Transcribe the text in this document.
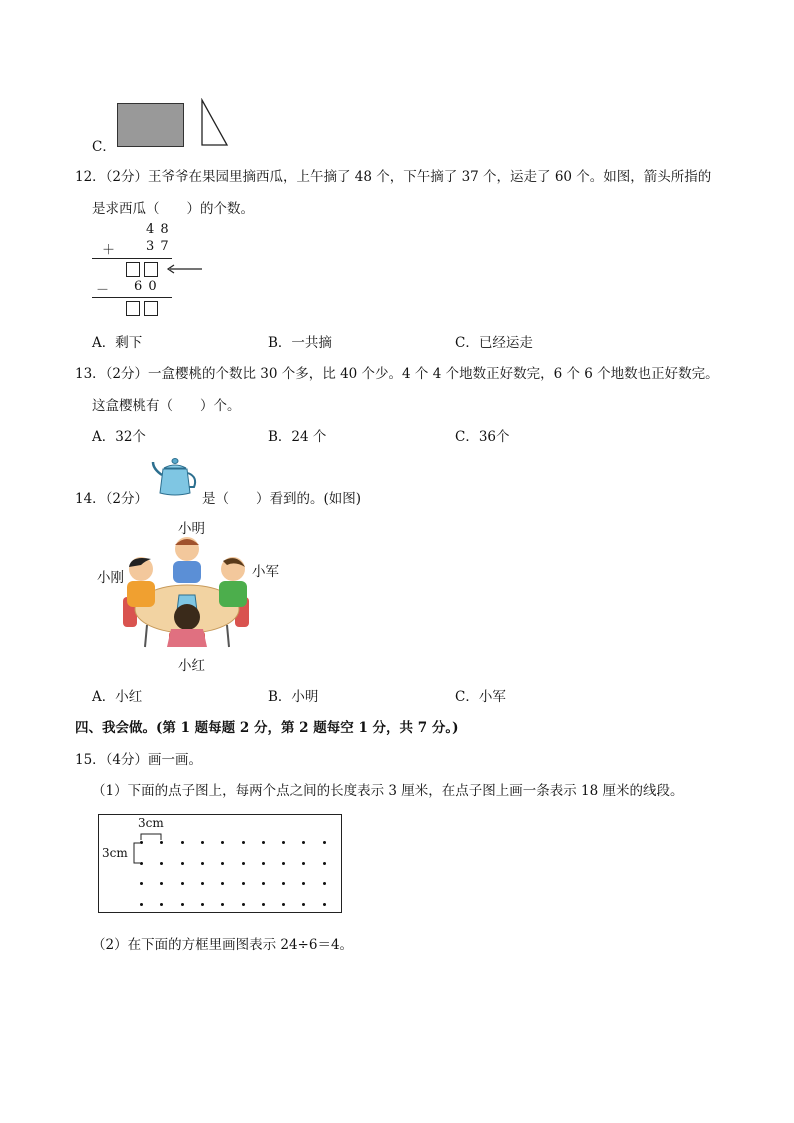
C．
12．（2分）王爷爷在果园里摘西瓜，上午摘了 48 个，下午摘了 37 个，运走了 60 个。如图，箭头所指的
是求西瓜（　　）的个数。
4 8
＋ 3 7
－ 6 0
A．剩下	B．一共摘	C．已经运走
13．（2分）一盒樱桃的个数比 30 个多，比 40 个少。4 个 4 个地数正好数完，6 个 6 个地数也正好数完。
这盒樱桃有（　　）个。
A．32个	B．24 个	C．36个
14．（2分）	是（　　）看到的。(如图)
小明
小刚	小军
小红
A．小红	B．小明	C．小军
四、我会做。(第 1 题每题 2 分，第 2 题每空 1 分，共 7 分。)
15．（4分）画一画。
（1）下面的点子图上，每两个点之间的长度表示 3 厘米，在点子图上画一条表示 18 厘米的线段。
3cm
3cm
（2）在下面的方框里画图表示 24÷6＝4。
